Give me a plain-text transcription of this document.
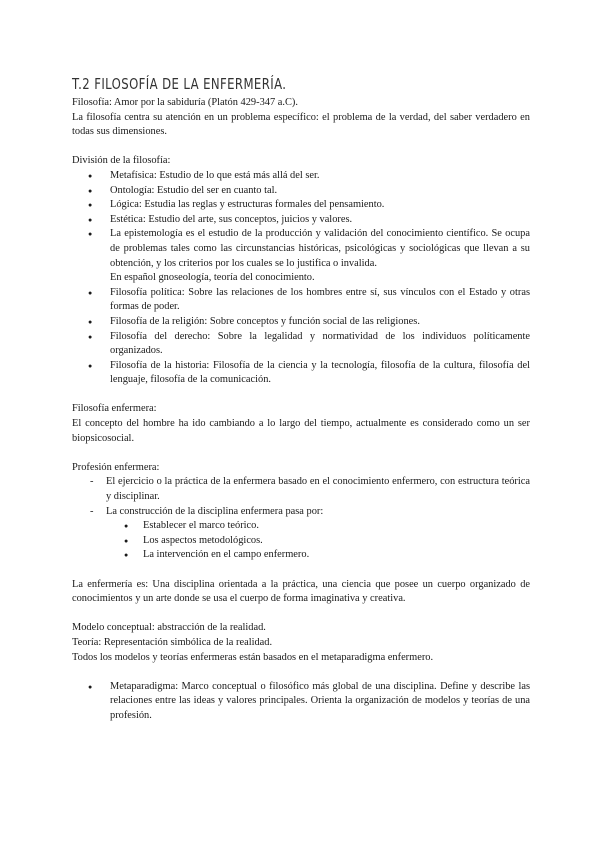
T.2 FILOSOFÍA DE LA ENFERMERÍA.

Filosofía: Amor por la sabiduría (Platón 429-347 a.C).

La filosofía centra su atención en un problema específico: el problema de la verdad, del saber verdadero en todas sus dimensiones.

División de la filosofía:

● Metafísica: Estudio de lo que está más allá del ser.
● Ontología: Estudio del ser en cuanto tal.
● Lógica: Estudia las reglas y estructuras formales del pensamiento.
● Estética: Estudio del arte, sus conceptos, juicios y valores.
● La epistemología es el estudio de la producción y validación del conocimiento científico. Se ocupa de problemas tales como las circunstancias históricas, psicológicas y sociológicas que llevan a su obtención, y los criterios por los cuales se lo justifica o invalida.
En español gnoseología, teoría del conocimiento.
● Filosofía política: Sobre las relaciones de los hombres entre sí, sus vínculos con el Estado y otras formas de poder.
● Filosofía de la religión: Sobre conceptos y función social de las religiones.
● Filosofía del derecho: Sobre la legalidad y normatividad de los individuos políticamente organizados.
● Filosofía de la historia: Filosofía de la ciencia y la tecnología, filosofía de la cultura, filosofía del lenguaje, filosofía de la comunicación.

Filosofía enfermera:

El concepto del hombre ha ido cambiando a lo largo del tiempo, actualmente es considerado como un ser biopsicosocial.

Profesión enfermera:

- El ejercicio o la práctica de la enfermera basado en el conocimiento enfermero, con estructura teórica y disciplinar.
- La construcción de la disciplina enfermera pasa por:
● Establecer el marco teórico.
● Los aspectos metodológicos.
● La intervención en el campo enfermero.

La enfermería es: Una disciplina orientada a la práctica, una ciencia que posee un cuerpo organizado de conocimientos y un arte donde se usa el cuerpo de forma imaginativa y creativa.

Modelo conceptual: abstracción de la realidad.

Teoría: Representación simbólica de la realidad.

Todos los modelos y teorías enfermeras están basados en el metaparadigma enfermero.

● Metaparadigma: Marco conceptual o filosófico más global de una disciplina. Define y describe las relaciones entre las ideas y valores principales. Orienta la organización de modelos y teorías de una profesión.
